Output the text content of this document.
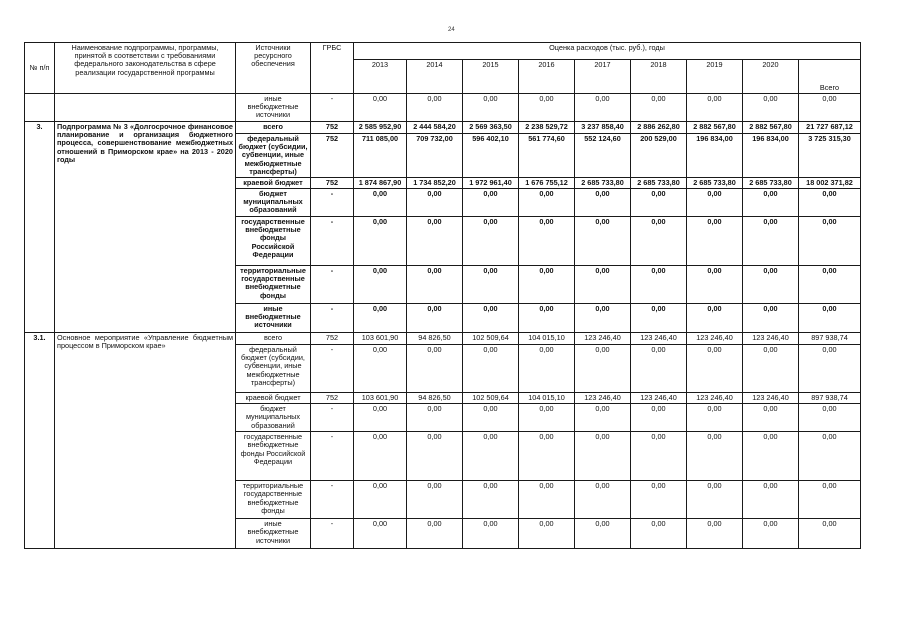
24
№ п/п	Наименование подпрограммы, программы, принятой в соответствии с требованиями федерального законодательства в сфере реализации государственной программы	Источники ресурсного обеспечения	ГРБС	Оценка расходов (тыс. руб.), годы								
				2013	2014	2015	2016	2017	2018	2019	2020	Всего
		иные внебюджетные источники	-	0,00	0,00	0,00	0,00	0,00	0,00	0,00	0,00	0,00
3.	Подпрограмма № 3 «Долгосрочное финансовое планирование и организация бюджетного процесса, совершенствование межбюджетных отношений в Приморском крае» на 2013 - 2020 годы	всего	752	2 585 952,90	2 444 584,20	2 569 363,50	2 238 529,72	3 237 858,40	2 886 262,80	2 882 567,80	2 882 567,80	21 727 687,12
		федеральный бюджет (субсидии, субвенции, иные межбюджетные трансферты)	752	711 085,00	709 732,00	596 402,10	561 774,60	552 124,60	200 529,00	196 834,00	196 834,00	3 725 315,30
		краевой бюджет	752	1 874 867,90	1 734 852,20	1 972 961,40	1 676 755,12	2 685 733,80	2 685 733,80	2 685 733,80	2 685 733,80	18 002 371,82
		бюджет муниципальных образований	-	0,00	0,00	0,00	0,00	0,00	0,00	0,00	0,00	0,00
		государственные внебюджетные фонды Российской Федерации	-	0,00	0,00	0,00	0,00	0,00	0,00	0,00	0,00	0,00
		территориальные государственные внебюджетные фонды	-	0,00	0,00	0,00	0,00	0,00	0,00	0,00	0,00	0,00
		иные внебюджетные источники	-	0,00	0,00	0,00	0,00	0,00	0,00	0,00	0,00	0,00
3.1.	Основное мероприятие «Управление бюджетным процессом в Приморском крае»	всего	752	103 601,90	94 826,50	102 509,64	104 015,10	123 246,40	123 246,40	123 246,40	123 246,40	897 938,74
		федеральный бюджет (субсидии, субвенции, иные межбюджетные трансферты)	-	0,00	0,00	0,00	0,00	0,00	0,00	0,00	0,00	0,00
		краевой бюджет	752	103 601,90	94 826,50	102 509,64	104 015,10	123 246,40	123 246,40	123 246,40	123 246,40	897 938,74
		бюджет муниципальных образований	-	0,00	0,00	0,00	0,00	0,00	0,00	0,00	0,00	0,00
		государственные внебюджетные фонды Российской Федерации	-	0,00	0,00	0,00	0,00	0,00	0,00	0,00	0,00	0,00
		территориальные государственные внебюджетные фонды	-	0,00	0,00	0,00	0,00	0,00	0,00	0,00	0,00	0,00
		иные внебюджетные источники	-	0,00	0,00	0,00	0,00	0,00	0,00	0,00	0,00	0,00
